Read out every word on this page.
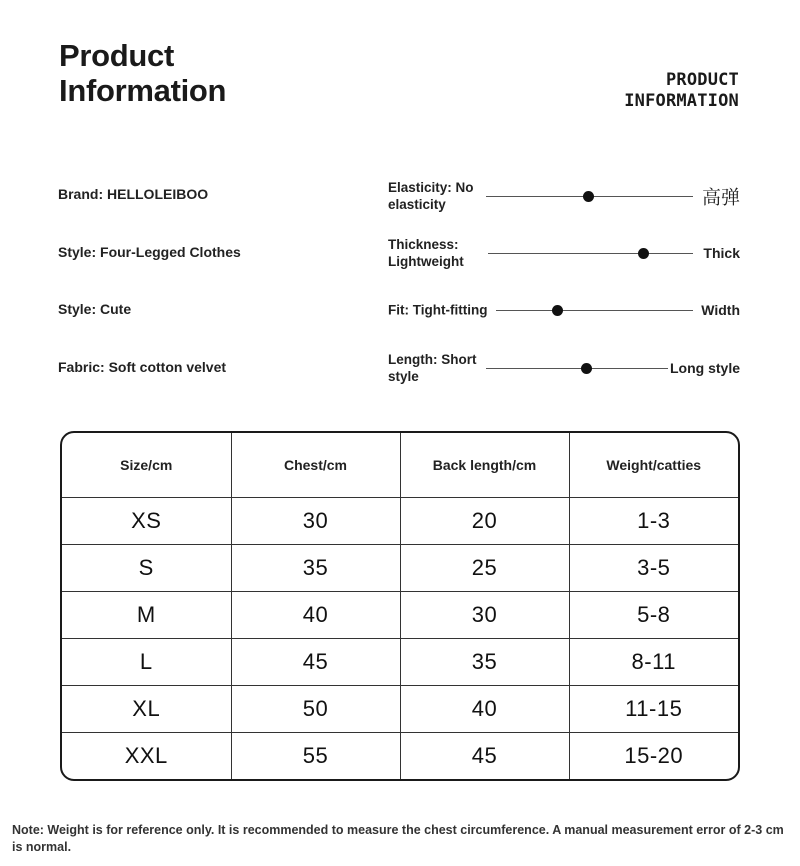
Product
Information	PRODUCT
INFORMATION
Brand: HELLOLEIBOO
Style: Four-Legged Clothes
Style: Cute
Fabric: Soft cotton velvet
Elasticity: No elasticity	高弹
Thickness: Lightweight
Thick
Fit: Tight-fitting	Width
Length: Short style
Long style
Size/cm	Chest/cm	Back length/cm	Weight/catties
XS	30	20	1-3
S	35	25	3-5
M	40	30	5-8
L	45	35	8-11
XL	50	40	11-15
XXL	55	45	15-20
Note: Weight is for reference only. It is recommended to measure the chest circumference. A manual measurement error of 2-3 cm is normal.
